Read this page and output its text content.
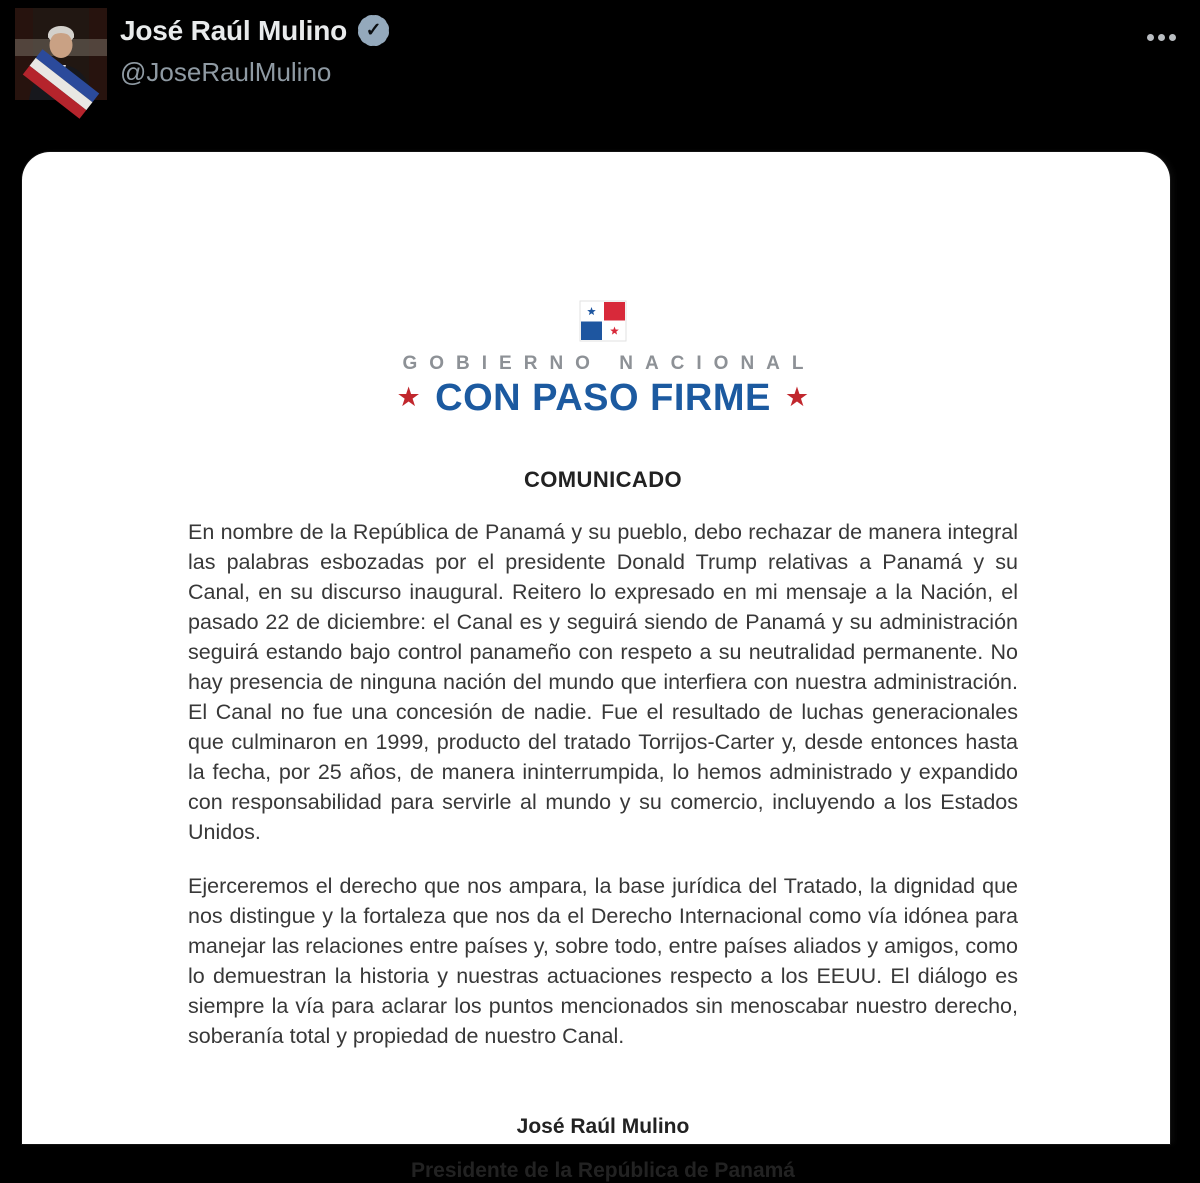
José Raúl Mulino ✓
@JoseRaulMulino
GOBIERNO NACIONAL
★ CON PASO FIRME ★
COMUNICADO

En nombre de la República de Panamá y su pueblo, debo rechazar de manera integral las palabras esbozadas por el presidente Donald Trump relativas a Panamá y su Canal, en su discurso inaugural. Reitero lo expresado en mi mensaje a la Nación, el pasado 22 de diciembre: el Canal es y seguirá siendo de Panamá y su administración seguirá estando bajo control panameño con respeto a su neutralidad permanente. No hay presencia de ninguna nación del mundo que interfiera con nuestra administración. El Canal no fue una concesión de nadie. Fue el resultado de luchas generacionales que culminaron en 1999, producto del tratado Torrijos-Carter y, desde entonces hasta la fecha, por 25 años, de manera ininterrumpida, lo hemos administrado y expandido con responsabilidad para servirle al mundo y su comercio, incluyendo a los Estados Unidos.

Ejerceremos el derecho que nos ampara, la base jurídica del Tratado, la dignidad que nos distingue y la fortaleza que nos da el Derecho Internacional como vía idónea para manejar las relaciones entre países y, sobre todo, entre países aliados y amigos, como lo demuestran la historia y nuestras actuaciones respecto a los EEUU. El diálogo es siempre la vía para aclarar los puntos mencionados sin menoscabar nuestro derecho, soberanía total y propiedad de nuestro Canal.

José Raúl Mulino
Presidente de la República de Panamá
